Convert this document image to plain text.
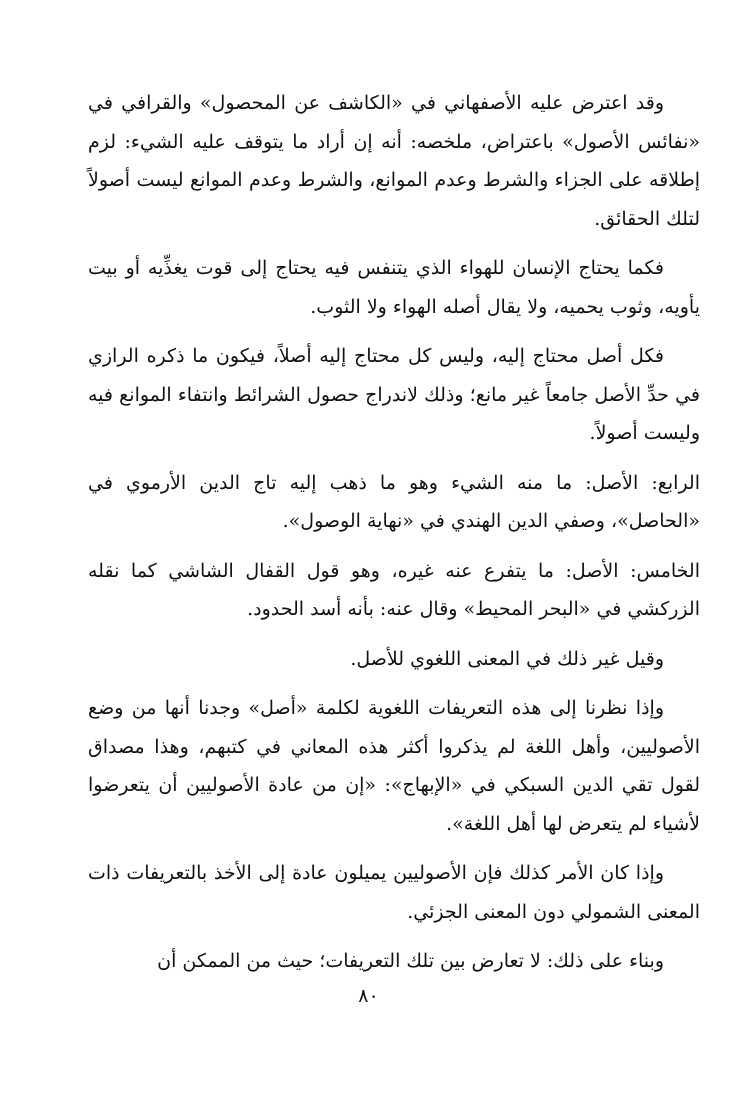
وقد اعترض عليه الأصفهاني في «الكاشف عن المحصول» والقرافي في «نفائس الأصول» باعتراض، ملخصه: أنه إن أراد ما يتوقف عليه الشيء: لزم إطلاقه على الجزاء والشرط وعدم الموانع، والشرط وعدم الموانع ليست أصولاً لتلك الحقائق.

فكما يحتاج الإنسان للهواء الذي يتنفس فيه يحتاج إلى قوت يغذِّيه أو بيت يأويه، وثوب يحميه، ولا يقال أصله الهواء ولا الثوب.

فكل أصل محتاج إليه، وليس كل محتاج إليه أصلاً، فيكون ما ذكره الرازي في حدِّ الأصل جامعاً غير مانع؛ وذلك لاندراج حصول الشرائط وانتفاء الموانع فيه وليست أصولاً.

الرابع: الأصل: ما منه الشيء وهو ما ذهب إليه تاج الدين الأرموي في «الحاصل»، وصفي الدين الهندي في «نهاية الوصول».

الخامس: الأصل: ما يتفرع عنه غيره، وهو قول القفال الشاشي كما نقله الزركشي في «البحر المحيط» وقال عنه: بأنه أسد الحدود.

وقيل غير ذلك في المعنى اللغوي للأصل.

وإذا نظرنا إلى هذه التعريفات اللغوية لكلمة «أصل» وجدنا أنها من وضع الأصوليين، وأهل اللغة لم يذكروا أكثر هذه المعاني في كتبهم، وهذا مصداق لقول تقي الدين السبكي في «الإبهاج»: «إن من عادة الأصوليين أن يتعرضوا لأشياء لم يتعرض لها أهل اللغة».

وإذا كان الأمر كذلك فإن الأصوليين يميلون عادة إلى الأخذ بالتعريفات ذات المعنى الشمولي دون المعنى الجزئي.

وبناء على ذلك: لا تعارض بين تلك التعريفات؛ حيث من الممكن أن

٨٠
